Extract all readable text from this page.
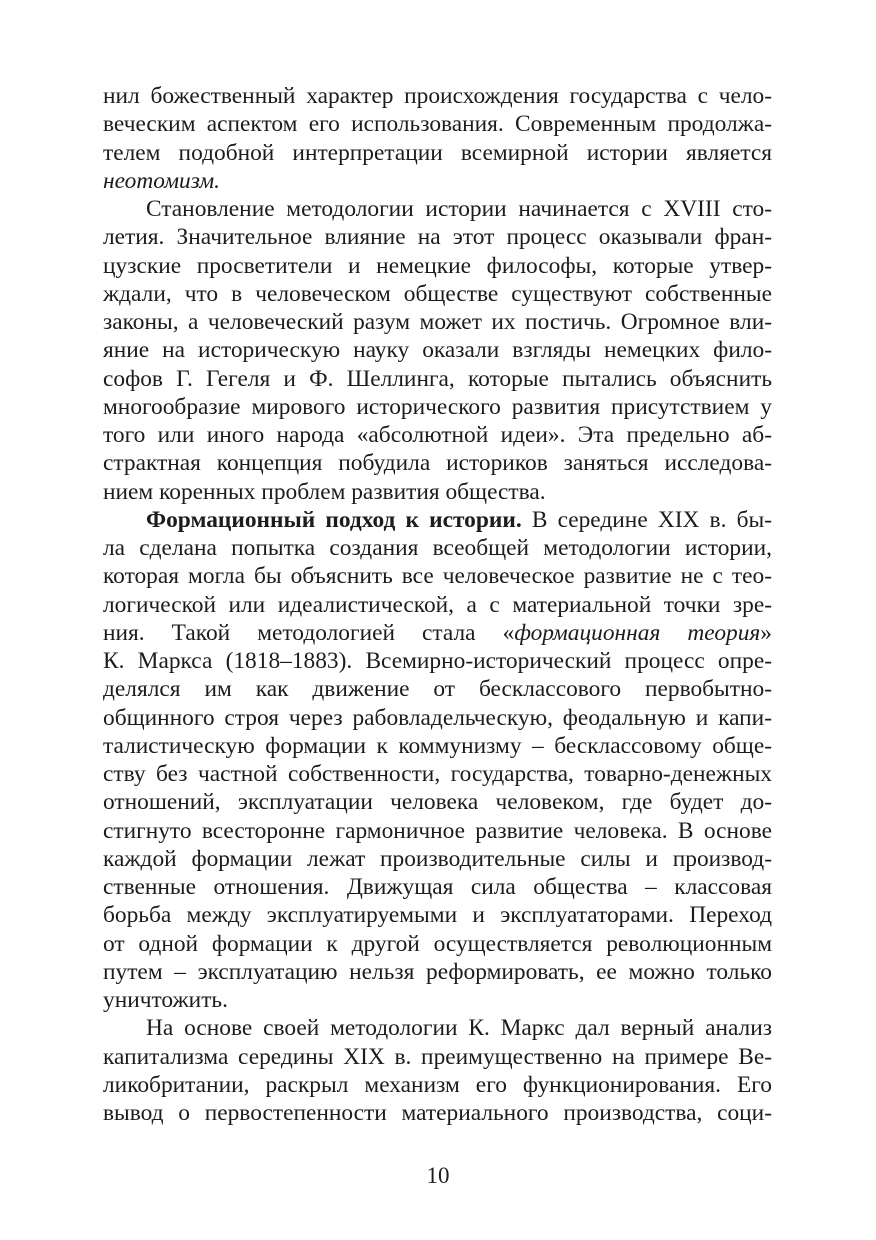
нил божественный характер происхождения государства с чело-
веческим аспектом его использования. Современным продолжа-
телем подобной интерпретации всемирной истории является
неотомизм.
Становление методологии истории начинается с XVIII сто-
летия. Значительное влияние на этот процесс оказывали фран-
цузские просветители и немецкие философы, которые утвер-
ждали, что в человеческом обществе существуют собственные
законы, а человеческий разум может их постичь. Огромное вли-
яние на историческую науку оказали взгляды немецких фило-
софов Г. Гегеля и Ф. Шеллинга, которые пытались объяснить
многообразие мирового исторического развития присутствием у
того или иного народа «абсолютной идеи». Эта предельно аб-
страктная концепция побудила историков заняться исследова-
нием коренных проблем развития общества.
Формационный подход к истории. В середине XIX в. бы-
ла сделана попытка создания всеобщей методологии истории,
которая могла бы объяснить все человеческое развитие не с тео-
логической или идеалистической, а с материальной точки зре-
ния. Такой методологией стала «формационная теория»
К. Маркса (1818–1883). Всемирно-исторический процесс опре-
делялся им как движение от бесклассового первобытно-
общинного строя через рабовладельческую, феодальную и капи-
талистическую формации к коммунизму – бесклассовому обще-
ству без частной собственности, государства, товарно-денежных
отношений, эксплуатации человека человеком, где будет до-
стигнуто всесторонне гармоничное развитие человека. В основе
каждой формации лежат производительные силы и производ-
ственные отношения. Движущая сила общества – классовая
борьба между эксплуатируемыми и эксплуататорами. Переход
от одной формации к другой осуществляется революционным
путем – эксплуатацию нельзя реформировать, ее можно только
уничтожить.
На основе своей методологии К. Маркс дал верный анализ
капитализма середины XIX в. преимущественно на примере Ве-
ликобритании, раскрыл механизм его функционирования. Его
вывод о первостепенности материального производства, соци-
10
